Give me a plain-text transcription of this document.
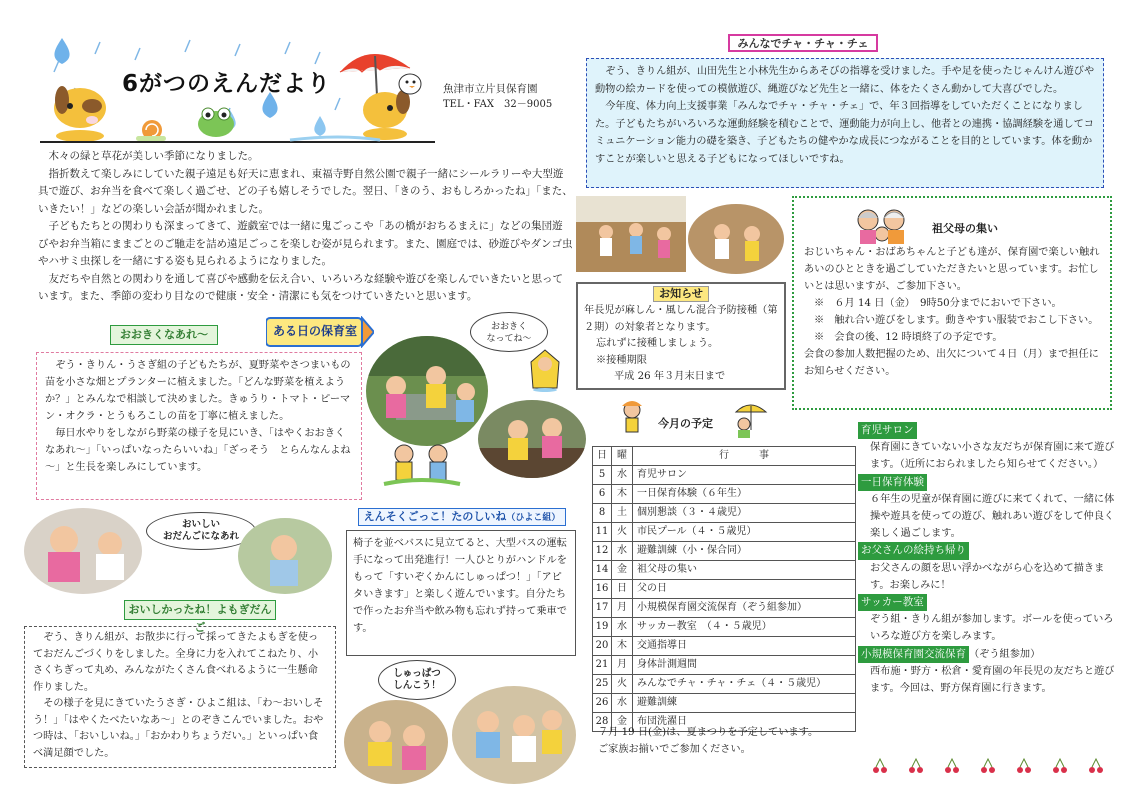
6がつのえんだより	魚津市立片貝保育園
TEL・FAX　32－9005

木々の緑と草花が美しい季節になりました。

指折数えて楽しみにしていた親子遠足も好天に恵まれ、東福寺野自然公園で親子一緒にシールラリーや大型遊具で遊び、お弁当を食べて楽しく過ごせ、どの子も嬉しそうでした。翌日、「きのう、おもしろかったね」「また、いきたい！」などの楽しい会話が聞かれました。

子どもたちとの関わりも深まってきて、遊戯室では一緒に鬼ごっこや「あの橋がおちるまえに」などの集団遊びやお弁当箱にままごとのご馳走を詰め遠足ごっこを楽しむ姿が見られます。また、園庭では、砂遊びやダンゴ虫やハサミ虫探しを一緒にする姿も見られるようになりました。

友だちや自然との関わりを通して喜びや感動を伝え合い、いろいろな経験や遊びを楽しんでいきたいと思っています。また、季節の変わり目なので健康・安全・清潔にも気をつけていきたいと思います。

おおきくなあれ～	ある日の保育室

ぞう・きりん・うさぎ組の子どもたちが、夏野菜やさつまいもの苗を小さな畑とプランターに植えました。「どんな野菜を植えようか？」とみんなで相談して決めました。きゅうり・トマト・ピーマン・オクラ・とうもろこしの苗を丁寧に植えました。

毎日水やりをしながら野菜の様子を見にいき、「はやくおおきくなあれ～」「いっぱいなったらいいね」「ざっそう　とらんなんよね～」と生長を楽しみにしています。

おおきく
なってね～
おいしい
おだんごになあれ
おいしかったね！よもぎだんご

ぞう、きりん組が、お散歩に行って採ってきたよもぎを使っておだんごづくりをしました。全身に力を入れてこねたり、小さくちぎって丸め、みんながたくさん食べれるように一生懸命作りました。

その様子を見にきていたうさぎ・ひよこ組は、「わ～おいしそう！」「はやくたべたいなあ～」とのぞきこんでいました。おやつ時は、「おいしいね。」「おかわりちょうだい。」といっぱい食べ満足顔でした。

えんそくごっこ！たのしいね（ひよこ組）
椅子を並べバスに見立てると、大型バスの運転手になって出発進行！一人ひとりがハンドルをもって「すいぞくかんにしゅっぱつ！」「アピタいきます」と楽しく遊んでいます。自分たちで作ったお弁当や飲み物も忘れず持って乗車です。
しゅっぱつ
しんこう！
みんなでチャ・チャ・チェ

ぞう、きりん組が、山田先生と小林先生からあそびの指導を受けました。手や足を使ったじゃんけん遊びや動物の絵カードを使っての模倣遊び、縄遊びなど先生と一緒に、体をたくさん動かして大喜びでした。

今年度、体力向上支援事業「みんなでチャ・チャ・チェ」で、年３回指導をしていただくことになりました。子どもたちがいろいろな運動経験を積むことで、運動能力が向上し、他者との連携・協調経験を通してコミュニケーション能力の礎を築き、子どもたちの健やかな成長につながることを目的としています。体を動かすことが楽しいと思える子どもになってほしいですね。

お知らせ

年長児が麻しん・風しん混合予防接種（第２期）の対象者となります。

忘れずに接種しましょう。

※接種期限

平成 26 年３月末日まで

祖父母の集い

おじいちゃん・おばあちゃんと子ども達が、保育園で楽しい触れあいのひとときを過ごしていただきたいと思っています。お忙しいとは思いますが、ご参加下さい。

※　６月 14 日（金）　9時50分までにおいで下さい。

※　触れ合い遊びをします。動きやすい服装でおこし下さい。

※　会食の後、12 時頃終了の予定です。

会食の参加人数把握のため、出欠について４日（月）まで担任にお知らせください。

今月の予定
日	曜	行　　　事
5	水	育児サロン
6	木	一日保育体験（６年生）
8	土	個別懇談（３・４歳児）
11	火	市民プール（４・５歳児）
12	水	避難訓練（小・保合同）
14	金	祖父母の集い
16	日	父の日
17	月	小規模保育園交流保育（ぞう組参加）
19	水	サッカー教室　（４・５歳児）
20	木	交通指導日
21	月	身体計測週間
25	火	みんなでチャ・チャ・チェ（４・５歳児）
26	水	避難訓練
28	金	布団洗濯日

７月 19 日(金)は、夏まつりを予定しています。

ご家族お揃いでご参加ください。

育児サロン

保育園にきていない小さな友だちが保育園に来て遊びます。（近所におられましたら知らせてください。）

一日保育体験

６年生の児童が保育園に遊びに来てくれて、一緒に体操や遊具を使っての遊び、触れあい遊びをして仲良く楽しく過ごします。

お父さんの絵持ち帰り

お父さんの顔を思い浮かべながら心を込めて描きます。お楽しみに！

サッカー教室

ぞう組・きりん組が参加します。ボールを使っていろいろな遊び方を楽しみます。

小規模保育園交流保育 （ぞう組参加）

西布施・野方・松倉・愛育園の年長児の友だちと遊びます。今回は、野方保育園に行きます。
